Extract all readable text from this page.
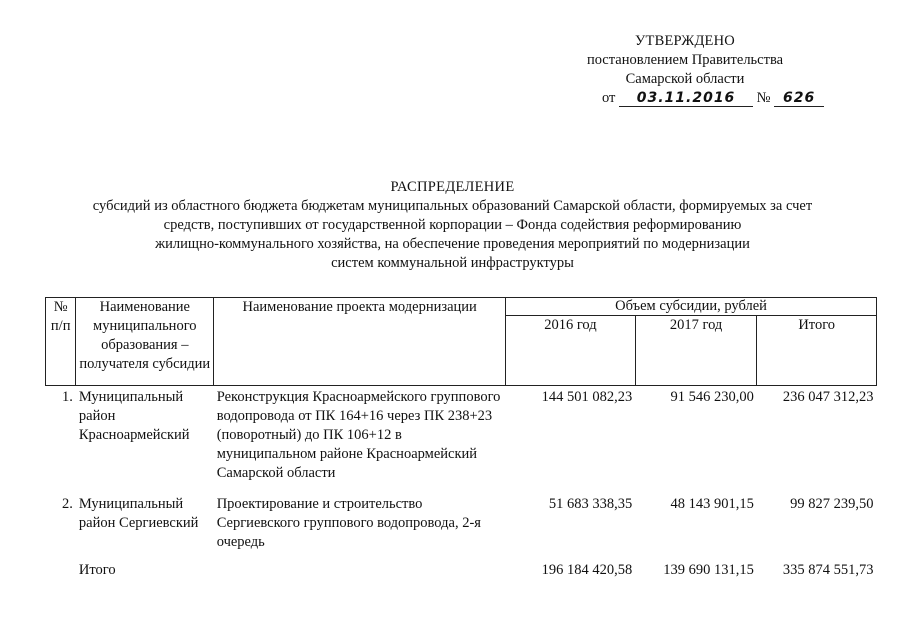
УТВЕРЖДЕНО
постановлением Правительства
Самарской области
от 03.11.2016 № 626
РАСПРЕДЕЛЕНИЕ
субсидий из областного бюджета бюджетам муниципальных образований Самарской области, формируемых за счет
средств, поступивших от государственной корпорации – Фонда содействия реформированию
жилищно-коммунального хозяйства, на обеспечение проведения мероприятий по модернизации
систем коммунальной инфраструктуры
№ п/п	Наименование муниципального образования – получателя субсидии	Наименование проекта модернизации	Объем субсидии, рублей		
			2016 год	2017 год	Итого
1.	Муниципальный район Красноармейский	Реконструкция Красноармейского группового водопровода от ПК 164+16 через ПК 238+23 (поворотный) до ПК 106+12 в муниципальном районе Красноармейский Самарской области	144 501 082,23	91 546 230,00	236 047 312,23
2.	Муниципальный район Сергиевский	Проектирование и строительство Сергиевского группового водопровода, 2-я очередь	51 683 338,35	48 143 901,15	99 827 239,50
	Итого		196 184 420,58	139 690 131,15	335 874 551,73
